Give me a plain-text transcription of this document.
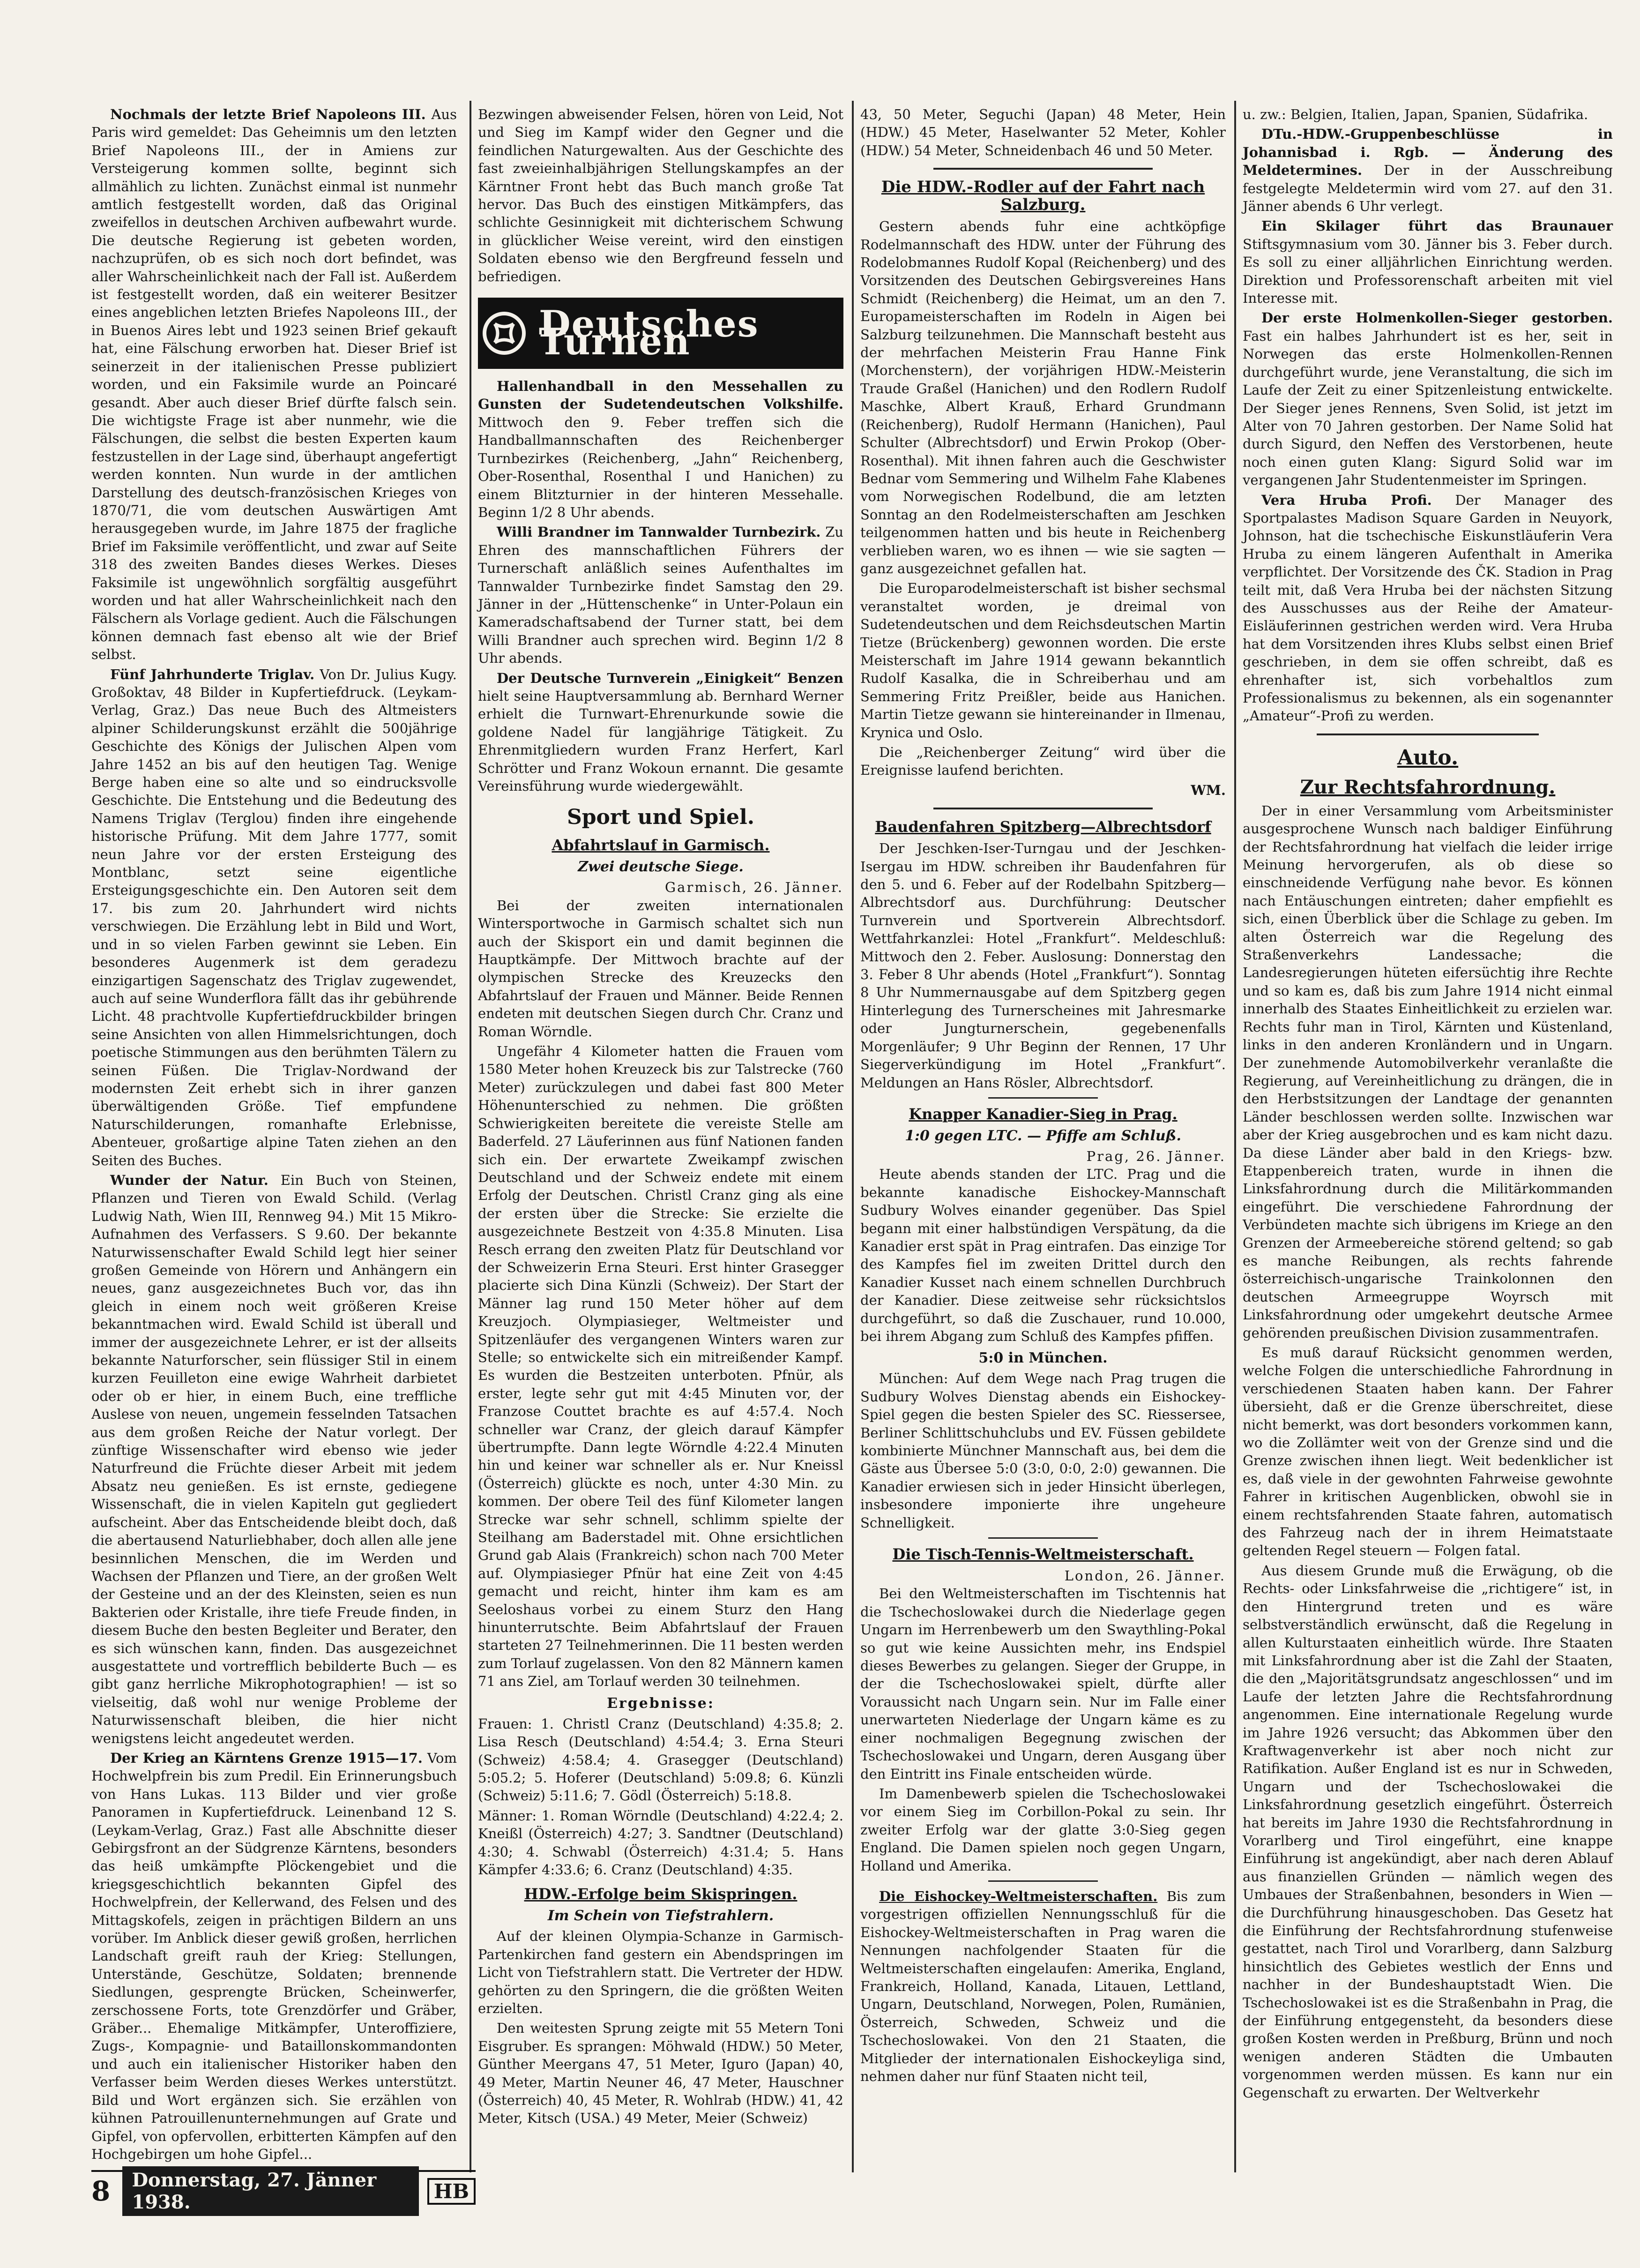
Nochmals der letzte Brief Napoleons III. Aus Paris wird gemeldet: Das Geheimnis um den letzten Brief Napoleons III., der in Amiens zur Versteigerung kommen sollte, beginnt sich allmählich zu lichten. Zunächst einmal ist nunmehr amtlich festgestellt worden, daß das Original zweifellos in deutschen Archiven aufbewahrt wurde. Die deutsche Regierung ist gebeten worden, nachzuprüfen, ob es sich noch dort befindet, was aller Wahrscheinlichkeit nach der Fall ist. Außerdem ist festgestellt worden, daß ein weiterer Besitzer eines angeblichen letzten Briefes Napoleons III., der in Buenos Aires lebt und 1923 seinen Brief gekauft hat, eine Fälschung erworben hat. Dieser Brief ist seinerzeit in der italienischen Presse publiziert worden, und ein Faksimile wurde an Poincaré gesandt. Aber auch dieser Brief dürfte falsch sein. Die wichtigste Frage ist aber nunmehr, wie die Fälschungen, die selbst die besten Experten kaum festzustellen in der Lage sind, überhaupt angefertigt werden konnten. Nun wurde in der amtlichen Darstellung des deutsch-französischen Krieges von 1870/71, die vom deutschen Auswärtigen Amt herausgegeben wurde, im Jahre 1875 der fragliche Brief im Faksimile veröffentlicht, und zwar auf Seite 318 des zweiten Bandes dieses Werkes. Dieses Faksimile ist ungewöhnlich sorgfältig ausgeführt worden und hat aller Wahrscheinlichkeit nach den Fälschern als Vorlage gedient. Auch die Fälschungen können demnach fast ebenso alt wie der Brief selbst.

Fünf Jahrhunderte Triglav. Von Dr. Julius Kugy. Großoktav, 48 Bilder in Kupfertiefdruck. (Leykam-Verlag, Graz.) Das neue Buch des Altmeisters alpiner Schilderungskunst erzählt die 500jährige Geschichte des Königs der Julischen Alpen vom Jahre 1452 an bis auf den heutigen Tag. Wenige Berge haben eine so alte und so eindrucksvolle Geschichte. Die Entstehung und die Bedeutung des Namens Triglav (Terglou) finden ihre eingehende historische Prüfung. Mit dem Jahre 1777, somit neun Jahre vor der ersten Ersteigung des Montblanc, setzt seine eigentliche Ersteigungsgeschichte ein. Den Autoren seit dem 17. bis zum 20. Jahrhundert wird nichts verschwiegen. Die Erzählung lebt in Bild und Wort, und in so vielen Farben gewinnt sie Leben. Ein besonderes Augenmerk ist dem geradezu einzigartigen Sagenschatz des Triglav zugewendet, auch auf seine Wunderflora fällt das ihr gebührende Licht. 48 prachtvolle Kupfertiefdruckbilder bringen seine Ansichten von allen Himmelsrichtungen, doch poetische Stimmungen aus den berühmten Tälern zu seinen Füßen. Die Triglav-Nordwand der modernsten Zeit erhebt sich in ihrer ganzen überwältigenden Größe. Tief empfundene Naturschilderungen, romanhafte Erlebnisse, Abenteuer, großartige alpine Taten ziehen an den Seiten des Buches.

Wunder der Natur. Ein Buch von Steinen, Pflanzen und Tieren von Ewald Schild. (Verlag Ludwig Nath, Wien III, Rennweg 94.) Mit 15 Mikro-Aufnahmen des Verfassers. S 9.60. Der bekannte Naturwissenschafter Ewald Schild legt hier seiner großen Gemeinde von Hörern und Anhängern ein neues, ganz ausgezeichnetes Buch vor, das ihn gleich in einem noch weit größeren Kreise bekanntmachen wird. Ewald Schild ist überall und immer der ausgezeichnete Lehrer, er ist der allseits bekannte Naturforscher, sein flüssiger Stil in einem kurzen Feuilleton eine ewige Wahrheit darbietet oder ob er hier, in einem Buch, eine treffliche Auslese von neuen, ungemein fesselnden Tatsachen aus dem großen Reiche der Natur vorlegt. Der zünftige Wissenschafter wird ebenso wie jeder Naturfreund die Früchte dieser Arbeit mit jedem Absatz neu genießen. Es ist ernste, gediegene Wissenschaft, die in vielen Kapiteln gut gegliedert aufscheint. Aber das Entscheidende bleibt doch, daß die abertausend Naturliebhaber, doch allen alle jene besinnlichen Menschen, die im Werden und Wachsen der Pflanzen und Tiere, an der großen Welt der Gesteine und an der des Kleinsten, seien es nun Bakterien oder Kristalle, ihre tiefe Freude finden, in diesem Buche den besten Begleiter und Berater, den es sich wünschen kann, finden. Das ausgezeichnet ausgestattete und vortrefflich bebilderte Buch — es gibt ganz herrliche Mikrophotographien! — ist so vielseitig, daß wohl nur wenige Probleme der Naturwissenschaft bleiben, die hier nicht wenigstens leicht angedeutet werden.

Der Krieg an Kärntens Grenze 1915—17. Vom Hochwelpfrein bis zum Predil. Ein Erinnerungsbuch von Hans Lukas. 113 Bilder und vier große Panoramen in Kupfertiefdruck. Leinenband 12 S. (Leykam-Verlag, Graz.) Fast alle Abschnitte dieser Gebirgsfront an der Südgrenze Kärntens, besonders das heiß umkämpfte Plöckengebiet und die kriegsgeschichtlich bekannten Gipfel des Hochwelpfrein, der Kellerwand, des Felsen und des Mittagskofels, zeigen in prächtigen Bildern an uns vorüber. Im Anblick dieser gewiß großen, herrlichen Landschaft greift rauh der Krieg: Stellungen, Unterstände, Geschütze, Soldaten; brennende Siedlungen, gesprengte Brücken, Scheinwerfer, zerschossene Forts, tote Grenzdörfer und Gräber, Gräber... Ehemalige Mitkämpfer, Unteroffiziere, Zugs-, Kompagnie- und Bataillonskommandonten und auch ein italienischer Historiker haben den Verfasser beim Werden dieses Werkes unterstützt. Bild und Wort ergänzen sich. Sie erzählen von kühnen Patrouillenunternehmungen auf Grate und Gipfel, von opfervollen, erbitterten Kämpfen auf den Hochgebirgen um hohe Gipfel...

Bezwingen abweisender Felsen, hören von Leid, Not und Sieg im Kampf wider den Gegner und die feindlichen Naturgewalten. Aus der Geschichte des fast zweieinhalbjährigen Stellungskampfes an der Kärntner Front hebt das Buch manch große Tat hervor. Das Buch des einstigen Mitkämpfers, das schlichte Gesinnigkeit mit dichterischem Schwung in glücklicher Weise vereint, wird den einstigen Soldaten ebenso wie den Bergfreund fesseln und befriedigen.

Deutsches Turnen

Hallenhandball in den Messehallen zu Gunsten der Sudetendeutschen Volkshilfe. Mittwoch den 9. Feber treffen sich die Handballmannschaften des Reichenberger Turnbezirkes (Reichenberg, „Jahn“ Reichenberg, Ober-Rosenthal, Rosenthal I und Hanichen) zu einem Blitzturnier in der hinteren Messehalle. Beginn 1/2 8 Uhr abends.

Willi Brandner im Tannwalder Turnbezirk. Zu Ehren des mannschaftlichen Führers der Turnerschaft anläßlich seines Aufenthaltes im Tannwalder Turnbezirke findet Samstag den 29. Jänner in der „Hüttenschenke“ in Unter-Polaun ein Kameradschaftsabend der Turner statt, bei dem Willi Brandner auch sprechen wird. Beginn 1/2 8 Uhr abends.

Der Deutsche Turnverein „Einigkeit“ Benzen hielt seine Hauptversammlung ab. Bernhard Werner erhielt die Turnwart-Ehrenurkunde sowie die goldene Nadel für langjährige Tätigkeit. Zu Ehrenmitgliedern wurden Franz Herfert, Karl Schrötter und Franz Wokoun ernannt. Die gesamte Vereinsführung wurde wiedergewählt.

Sport und Spiel.
Abfahrtslauf in Garmisch.
Zwei deutsche Siege.
Garmisch, 26. Jänner.

Bei der zweiten internationalen Wintersportwoche in Garmisch schaltet sich nun auch der Skisport ein und damit beginnen die Hauptkämpfe. Der Mittwoch brachte auf der olympischen Strecke des Kreuzecks den Abfahrtslauf der Frauen und Männer. Beide Rennen endeten mit deutschen Siegen durch Chr. Cranz und Roman Wörndle.

Ungefähr 4 Kilometer hatten die Frauen vom 1580 Meter hohen Kreuzeck bis zur Talstrecke (760 Meter) zurückzulegen und dabei fast 800 Meter Höhenunterschied zu nehmen. Die größten Schwierigkeiten bereitete die vereiste Stelle am Baderfeld. 27 Läuferinnen aus fünf Nationen fanden sich ein. Der erwartete Zweikampf zwischen Deutschland und der Schweiz endete mit einem Erfolg der Deutschen. Christl Cranz ging als eine der ersten über die Strecke: Sie erzielte die ausgezeichnete Bestzeit von 4:35.8 Minuten. Lisa Resch errang den zweiten Platz für Deutschland vor der Schweizerin Erna Steuri. Erst hinter Grasegger placierte sich Dina Künzli (Schweiz). Der Start der Männer lag rund 150 Meter höher auf dem Kreuzjoch. Olympiasieger, Weltmeister und Spitzenläufer des vergangenen Winters waren zur Stelle; so entwickelte sich ein mitreißender Kampf. Es wurden die Bestzeiten unterboten. Pfnür, als erster, legte sehr gut mit 4:45 Minuten vor, der Franzose Couttet brachte es auf 4:57.4. Noch schneller war Cranz, der gleich darauf Kämpfer übertrumpfte. Dann legte Wörndle 4:22.4 Minuten hin und keiner war schneller als er. Nur Kneissl (Österreich) glückte es noch, unter 4:30 Min. zu kommen. Der obere Teil des fünf Kilometer langen Strecke war sehr schnell, schlimm spielte der Steilhang am Baderstadel mit. Ohne ersichtlichen Grund gab Alais (Frankreich) schon nach 700 Meter auf. Olympiasieger Pfnür hat eine Zeit von 4:45 gemacht und reicht, hinter ihm kam es am Seeloshaus vorbei zu einem Sturz den Hang hinunterrutschte. Beim Abfahrtslauf der Frauen starteten 27 Teilnehmerinnen. Die 11 besten werden zum Torlauf zugelassen. Von den 82 Männern kamen 71 ans Ziel, am Torlauf werden 30 teilnehmen.

Ergebnisse:

Frauen: 1. Christl Cranz (Deutschland) 4:35.8; 2. Lisa Resch (Deutschland) 4:54.4; 3. Erna Steuri (Schweiz) 4:58.4; 4. Grasegger (Deutschland) 5:05.2; 5. Hoferer (Deutschland) 5:09.8; 6. Künzli (Schweiz) 5:11.6; 7. Gödl (Österreich) 5:18.8.

Männer: 1. Roman Wörndle (Deutschland) 4:22.4; 2. Kneißl (Österreich) 4:27; 3. Sandtner (Deutschland) 4:30; 4. Schwabl (Österreich) 4:31.4; 5. Hans Kämpfer 4:33.6; 6. Cranz (Deutschland) 4:35.

HDW.-Erfolge beim Skispringen.
Im Schein von Tiefstrahlern.

Auf der kleinen Olympia-Schanze in Garmisch-Partenkirchen fand gestern ein Abendspringen im Licht von Tiefstrahlern statt. Die Vertreter der HDW. gehörten zu den Springern, die die größten Weiten erzielten.

Den weitesten Sprung zeigte mit 55 Metern Toni Eisgruber. Es sprangen: Möhwald (HDW.) 50 Meter, Günther Meergans 47, 51 Meter, Iguro (Japan) 40, 49 Meter, Martin Neuner 46, 47 Meter, Hauschner (Österreich) 40, 45 Meter, R. Wohlrab (HDW.) 41, 42 Meter, Kitsch (USA.) 49 Meter, Meier (Schweiz)

43, 50 Meter, Seguchi (Japan) 48 Meter, Hein (HDW.) 45 Meter, Haselwanter 52 Meter, Kohler (HDW.) 54 Meter, Schneidenbach 46 und 50 Meter.

Die HDW.-Rodler auf der Fahrt nach Salzburg.

Gestern abends fuhr eine achtköpfige Rodelmannschaft des HDW. unter der Führung des Rodelobmannes Rudolf Kopal (Reichenberg) und des Vorsitzenden des Deutschen Gebirgsvereines Hans Schmidt (Reichenberg) die Heimat, um an den 7. Europameisterschaften im Rodeln in Aigen bei Salzburg teilzunehmen. Die Mannschaft besteht aus der mehrfachen Meisterin Frau Hanne Fink (Morchenstern), der vorjährigen HDW.-Meisterin Traude Graßel (Hanichen) und den Rodlern Rudolf Maschke, Albert Krauß, Erhard Grundmann (Reichenberg), Rudolf Hermann (Hanichen), Paul Schulter (Albrechtsdorf) und Erwin Prokop (Ober-Rosenthal). Mit ihnen fahren auch die Geschwister Bednar vom Semmering und Wilhelm Fahe Klabenes vom Norwegischen Rodelbund, die am letzten Sonntag an den Rodelmeisterschaften am Jeschken teilgenommen hatten und bis heute in Reichenberg verblieben waren, wo es ihnen — wie sie sagten — ganz ausgezeichnet gefallen hat.

Die Europarodelmeisterschaft ist bisher sechsmal veranstaltet worden, je dreimal von Sudetendeutschen und dem Reichsdeutschen Martin Tietze (Brückenberg) gewonnen worden. Die erste Meisterschaft im Jahre 1914 gewann bekanntlich Rudolf Kasalka, die in Schreiberhau und am Semmering Fritz Preißler, beide aus Hanichen. Martin Tietze gewann sie hintereinander in Ilmenau, Krynica und Oslo.

Die „Reichenberger Zeitung“ wird über die Ereignisse laufend berichten.

WM.
Baudenfahren Spitzberg—Albrechtsdorf

Der Jeschken-Iser-Turngau und der Jeschken-Isergau im HDW. schreiben ihr Baudenfahren für den 5. und 6. Feber auf der Rodelbahn Spitzberg—Albrechtsdorf aus. Durchführung: Deutscher Turnverein und Sportverein Albrechtsdorf. Wettfahrkanzlei: Hotel „Frankfurt“. Meldeschluß: Mittwoch den 2. Feber. Auslosung: Donnerstag den 3. Feber 8 Uhr abends (Hotel „Frankfurt“). Sonntag 8 Uhr Nummernausgabe auf dem Spitzberg gegen Hinterlegung des Turnerscheines mit Jahresmarke oder Jungturnerschein, gegebenenfalls Morgenläufer; 9 Uhr Beginn der Rennen, 17 Uhr Siegerverkündigung im Hotel „Frankfurt“. Meldungen an Hans Rösler, Albrechtsdorf.

Knapper Kanadier-Sieg in Prag.
1:0 gegen LTC. — Pfiffe am Schluß.
Prag, 26. Jänner.

Heute abends standen der LTC. Prag und die bekannte kanadische Eishockey-Mannschaft Sudbury Wolves einander gegenüber. Das Spiel begann mit einer halbstündigen Verspätung, da die Kanadier erst spät in Prag eintrafen. Das einzige Tor des Kampfes fiel im zweiten Drittel durch den Kanadier Kusset nach einem schnellen Durchbruch der Kanadier. Diese zeitweise sehr rücksichtslos durchgeführt, so daß die Zuschauer, rund 10.000, bei ihrem Abgang zum Schluß des Kampfes pfiffen.

5:0 in München.

München: Auf dem Wege nach Prag trugen die Sudbury Wolves Dienstag abends ein Eishockey-Spiel gegen die besten Spieler des SC. Riessersee, Berliner Schlittschuhclubs und EV. Füssen gebildete kombinierte Münchner Mannschaft aus, bei dem die Gäste aus Übersee 5:0 (3:0, 0:0, 2:0) gewannen. Die Kanadier erwiesen sich in jeder Hinsicht überlegen, insbesondere imponierte ihre ungeheure Schnelligkeit.

Die Tisch-Tennis-Weltmeisterschaft.
London, 26. Jänner.

Bei den Weltmeisterschaften im Tischtennis hat die Tschechoslowakei durch die Niederlage gegen Ungarn im Herrenbewerb um den Swaythling-Pokal so gut wie keine Aussichten mehr, ins Endspiel dieses Bewerbes zu gelangen. Sieger der Gruppe, in der die Tschechoslowakei spielt, dürfte aller Voraussicht nach Ungarn sein. Nur im Falle einer unerwarteten Niederlage der Ungarn käme es zu einer nochmaligen Begegnung zwischen der Tschechoslowakei und Ungarn, deren Ausgang über den Eintritt ins Finale entscheiden würde.

Im Damenbewerb spielen die Tschechoslowakei vor einem Sieg im Corbillon-Pokal zu sein. Ihr zweiter Erfolg war der glatte 3:0-Sieg gegen England. Die Damen spielen noch gegen Ungarn, Holland und Amerika.

Die Eishockey-Weltmeisterschaften. Bis zum vorgestrigen offiziellen Nennungsschluß für die Eishockey-Weltmeisterschaften in Prag waren die Nennungen nachfolgender Staaten für die Weltmeisterschaften eingelaufen: Amerika, England, Frankreich, Holland, Kanada, Litauen, Lettland, Ungarn, Deutschland, Norwegen, Polen, Rumänien, Österreich, Schweden, Schweiz und die Tschechoslowakei. Von den 21 Staaten, die Mitglieder der internationalen Eishockeyliga sind, nehmen daher nur fünf Staaten nicht teil,

u. zw.: Belgien, Italien, Japan, Spanien, Südafrika.

DTu.-HDW.-Gruppenbeschlüsse in Johannisbad i. Rgb. — Änderung des Meldetermines. Der in der Ausschreibung festgelegte Meldetermin wird vom 27. auf den 31. Jänner abends 6 Uhr verlegt.

Ein Skilager führt das Braunauer Stiftsgymnasium vom 30. Jänner bis 3. Feber durch. Es soll zu einer alljährlichen Einrichtung werden. Direktion und Professorenschaft arbeiten mit viel Interesse mit.

Der erste Holmenkollen-Sieger gestorben. Fast ein halbes Jahrhundert ist es her, seit in Norwegen das erste Holmenkollen-Rennen durchgeführt wurde, jene Veranstaltung, die sich im Laufe der Zeit zu einer Spitzenleistung entwickelte. Der Sieger jenes Rennens, Sven Solid, ist jetzt im Alter von 70 Jahren gestorben. Der Name Solid hat durch Sigurd, den Neffen des Verstorbenen, heute noch einen guten Klang: Sigurd Solid war im vergangenen Jahr Studentenmeister im Springen.

Vera Hruba Profi. Der Manager des Sportpalastes Madison Square Garden in Neuyork, Johnson, hat die tschechische Eiskunstläuferin Vera Hruba zu einem längeren Aufenthalt in Amerika verpflichtet. Der Vorsitzende des ČK. Stadion in Prag teilt mit, daß Vera Hruba bei der nächsten Sitzung des Ausschusses aus der Reihe der Amateur-Eisläuferinnen gestrichen werden wird. Vera Hruba hat dem Vorsitzenden ihres Klubs selbst einen Brief geschrieben, in dem sie offen schreibt, daß es ehrenhafter ist, sich vorbehaltlos zum Professionalismus zu bekennen, als ein sogenannter „Amateur“-Profi zu werden.

Auto.
Zur Rechtsfahrordnung.

Der in einer Versammlung vom Arbeitsminister ausgesprochene Wunsch nach baldiger Einführung der Rechtsfahrordnung hat vielfach die leider irrige Meinung hervorgerufen, als ob diese so einschneidende Verfügung nahe bevor. Es können nach Entäuschungen eintreten; daher empfiehlt es sich, einen Überblick über die Schlage zu geben. Im alten Österreich war die Regelung des Straßenverkehrs Landessache; die Landesregierungen hüteten eifersüchtig ihre Rechte und so kam es, daß bis zum Jahre 1914 nicht einmal innerhalb des Staates Einheitlichkeit zu erzielen war. Rechts fuhr man in Tirol, Kärnten und Küstenland, links in den anderen Kronländern und in Ungarn. Der zunehmende Automobilverkehr veranlaßte die Regierung, auf Vereinheitlichung zu drängen, die in den Herbstsitzungen der Landtage der genannten Länder beschlossen werden sollte. Inzwischen war aber der Krieg ausgebrochen und es kam nicht dazu. Da diese Länder aber bald in den Kriegs- bzw. Etappenbereich traten, wurde in ihnen die Linksfahrordnung durch die Militärkommanden eingeführt. Die verschiedene Fahrordnung der Verbündeten machte sich übrigens im Kriege an den Grenzen der Armeebereiche störend geltend; so gab es manche Reibungen, als rechts fahrende österreichisch-ungarische Trainkolonnen den deutschen Armeegruppe Woyrsch mit Linksfahrordnung oder umgekehrt deutsche Armee gehörenden preußischen Division zusammentrafen.

Es muß darauf Rücksicht genommen werden, welche Folgen die unterschiedliche Fahrordnung in verschiedenen Staaten haben kann. Der Fahrer übersieht, daß er die Grenze überschreitet, diese nicht bemerkt, was dort besonders vorkommen kann, wo die Zollämter weit von der Grenze sind und die Grenze zwischen ihnen liegt. Weit bedenklicher ist es, daß viele in der gewohnten Fahrweise gewohnte Fahrer in kritischen Augenblicken, obwohl sie in einem rechtsfahrenden Staate fahren, automatisch des Fahrzeug nach der in ihrem Heimatstaate geltenden Regel steuern — Folgen fatal.

Aus diesem Grunde muß die Erwägung, ob die Rechts- oder Linksfahrweise die „richtigere“ ist, in den Hintergrund treten und es wäre selbstverständlich erwünscht, daß die Regelung in allen Kulturstaaten einheitlich würde. Ihre Staaten mit Linksfahrordnung aber ist die Zahl der Staaten, die den „Majoritätsgrundsatz angeschlossen“ und im Laufe der letzten Jahre die Rechtsfahrordnung angenommen. Eine internationale Regelung wurde im Jahre 1926 versucht; das Abkommen über den Kraftwagenverkehr ist aber noch nicht zur Ratifikation. Außer England ist es nur in Schweden, Ungarn und der Tschechoslowakei die Linksfahrordnung gesetzlich eingeführt. Österreich hat bereits im Jahre 1930 die Rechtsfahrordnung in Vorarlberg und Tirol eingeführt, eine knappe Einführung ist angekündigt, aber nach deren Ablauf aus finanziellen Gründen — nämlich wegen des Umbaues der Straßenbahnen, besonders in Wien — die Durchführung hinausgeschoben. Das Gesetz hat die Einführung der Rechtsfahrordnung stufenweise gestattet, nach Tirol und Vorarlberg, dann Salzburg hinsichtlich des Gebietes westlich der Enns und nachher in der Bundeshauptstadt Wien. Die Tschechoslowakei ist es die Straßenbahn in Prag, die der Einführung entgegensteht, da besonders diese großen Kosten werden in Preßburg, Brünn und noch wenigen anderen Städten die Umbauten vorgenommen werden müssen. Es kann nur ein Gegenschaft zu erwarten. Der Weltverkehr

8	Donnerstag, 27. Jänner 1938.	HB
